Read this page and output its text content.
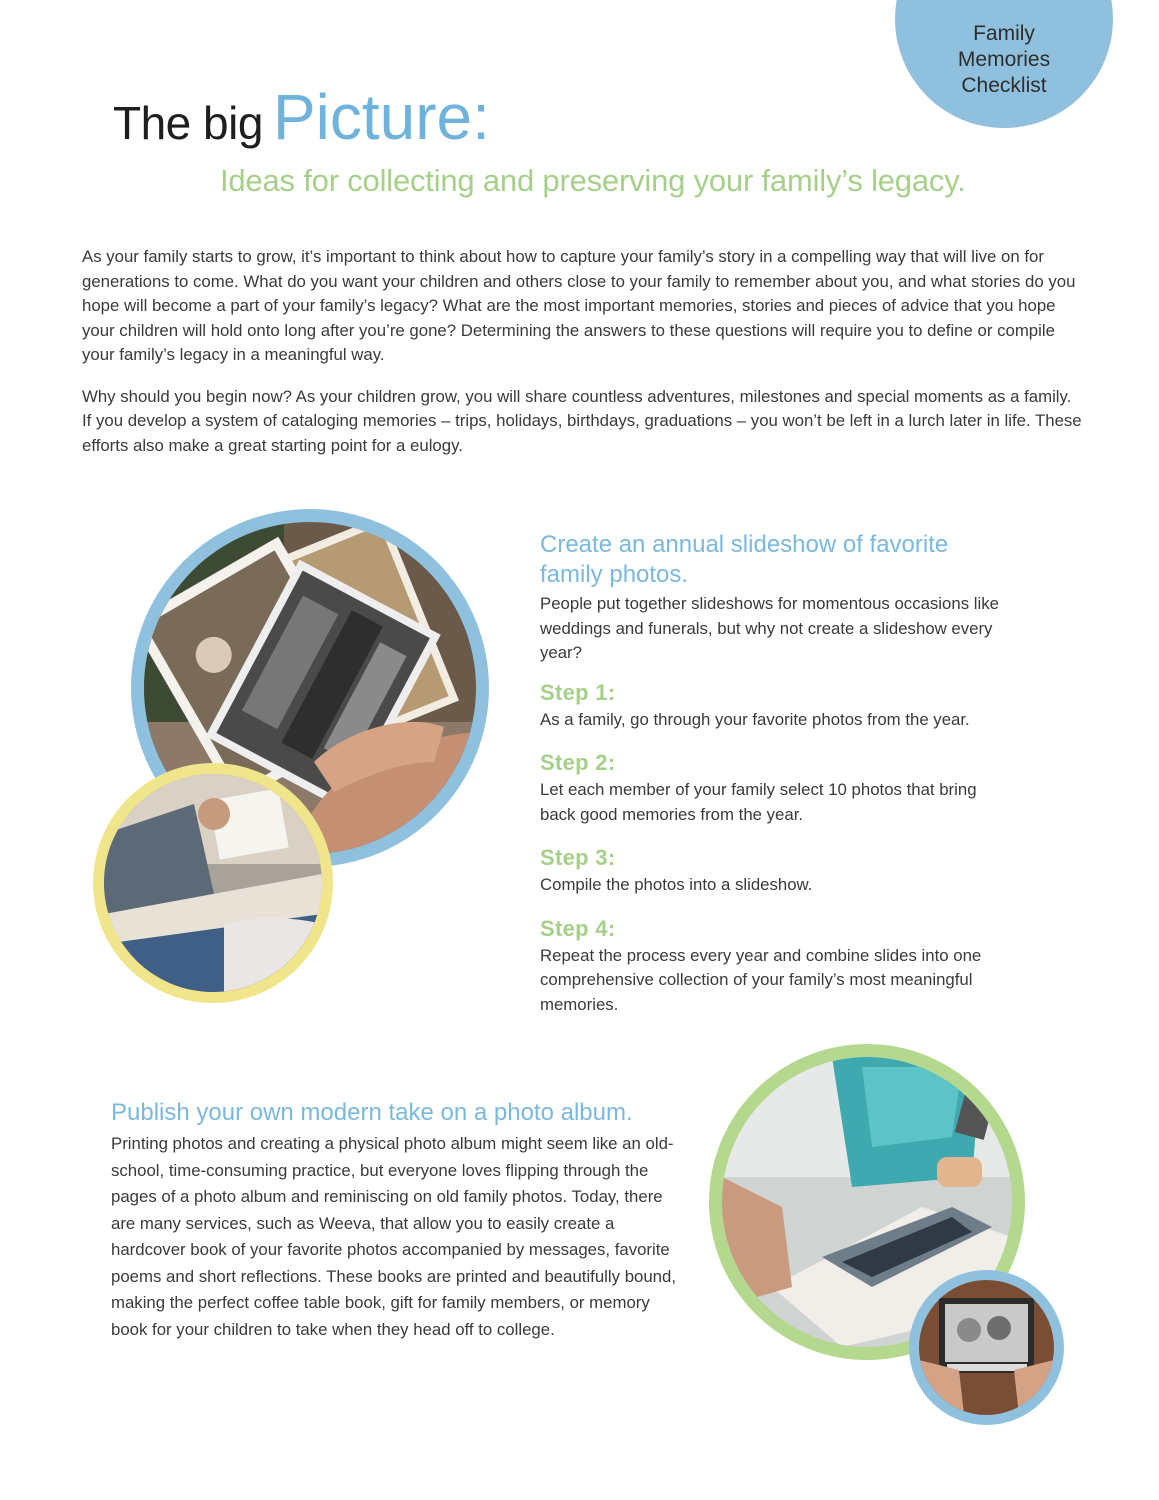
Family
Memories
Checklist
The big Picture:
Ideas for collecting and preserving your family’s legacy.

As your family starts to grow, it’s important to think about how to capture your family’s story in a compelling way that will live on for generations to come. What do you want your children and others close to your family to remember about you, and what stories do you hope will become a part of your family’s legacy? What are the most important memories, stories and pieces of advice that you hope your children will hold onto long after you’re gone? Determining the answers to these questions will require you to define or compile your family’s legacy in a meaningful way.

Why should you begin now? As your children grow, you will share countless adventures, milestones and special moments as a family. If you develop a system of cataloging memories – trips, holidays, birthdays, graduations – you won’t be left in a lurch later in life. These efforts also make a great starting point for a eulogy.

Create an annual slideshow of favorite family photos.
People put together slideshows for momentous occasions like weddings and funerals, but why not create a slideshow every year?
Step 1:
As a family, go through your favorite photos from the year.
Step 2:
Let each member of your family select 10 photos that bring back good memories from the year.
Step 3:
Compile the photos into a slideshow.
Step 4:
Repeat the process every year and combine slides into one comprehensive collection of your family’s most meaningful memories.
Publish your own modern take on a photo album.
Printing photos and creating a physical photo album might seem like an old-school, time-consuming practice, but everyone loves flipping through the pages of a photo album and reminiscing on old family photos. Today, there are many services, such as Weeva, that allow you to easily create a hardcover book of your favorite photos accompanied by messages, favorite poems and short reflections. These books are printed and beautifully bound, making the perfect coffee table book, gift for family members, or memory book for your children to take when they head off to college.
